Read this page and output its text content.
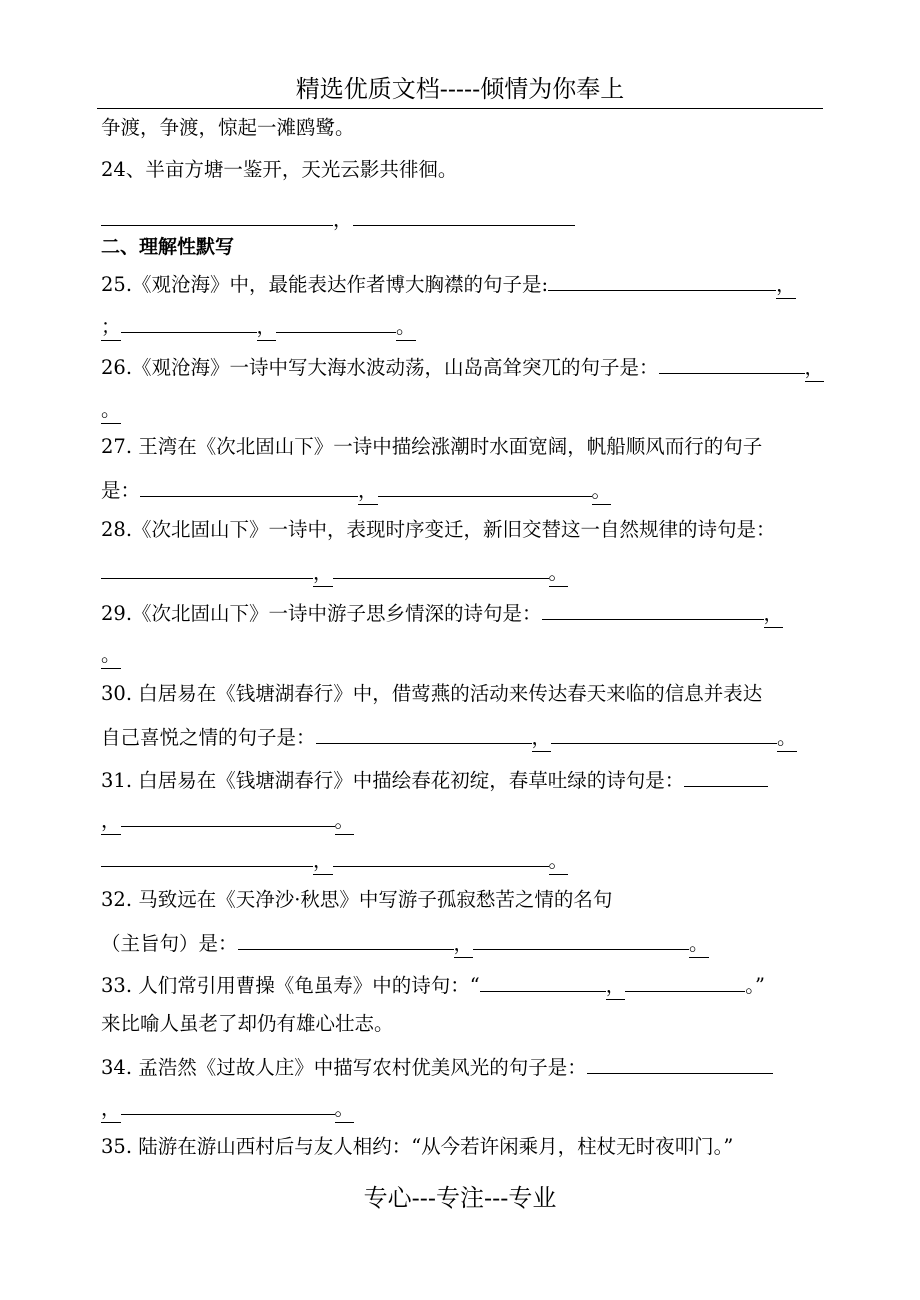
精选优质文档-----倾情为你奉上
争渡，争渡，惊起一滩鸥鹭。
24、半亩方塘一鉴开，天光云影共徘徊。
，
二、理解性默写
25.《观沧海》中，最能表达作者博大胸襟的句子是:	，
；	，	。
26.《观沧海》一诗中写大海水波动荡，山岛高耸突兀的句子是：	，
。
27. 王湾在《次北固山下》一诗中描绘涨潮时水面宽阔，帆船顺风而行的句子
是：	，	。
28.《次北固山下》一诗中，表现时序变迁，新旧交替这一自然规律的诗句是：
，	。
29.《次北固山下》一诗中游子思乡情深的诗句是：	，
。
30. 白居易在《钱塘湖春行》中，借莺燕的活动来传达春天来临的信息并表达
自己喜悦之情的句子是：	，	。
31. 白居易在《钱塘湖春行》中描绘春花初绽，春草吐绿的诗句是：
，	。
，	。
32. 马致远在《天净沙·秋思》中写游子孤寂愁苦之情的名句
（主旨句）是：	，	。
33. 人们常引用曹操《龟虽寿》中的诗句：“	，	。”
来比喻人虽老了却仍有雄心壮志。
34. 孟浩然《过故人庄》中描写农村优美风光的句子是：
，	。
35. 陆游在游山西村后与友人相约：“从今若许闲乘月，柱杖无时夜叩门。”
专心---专注---专业
